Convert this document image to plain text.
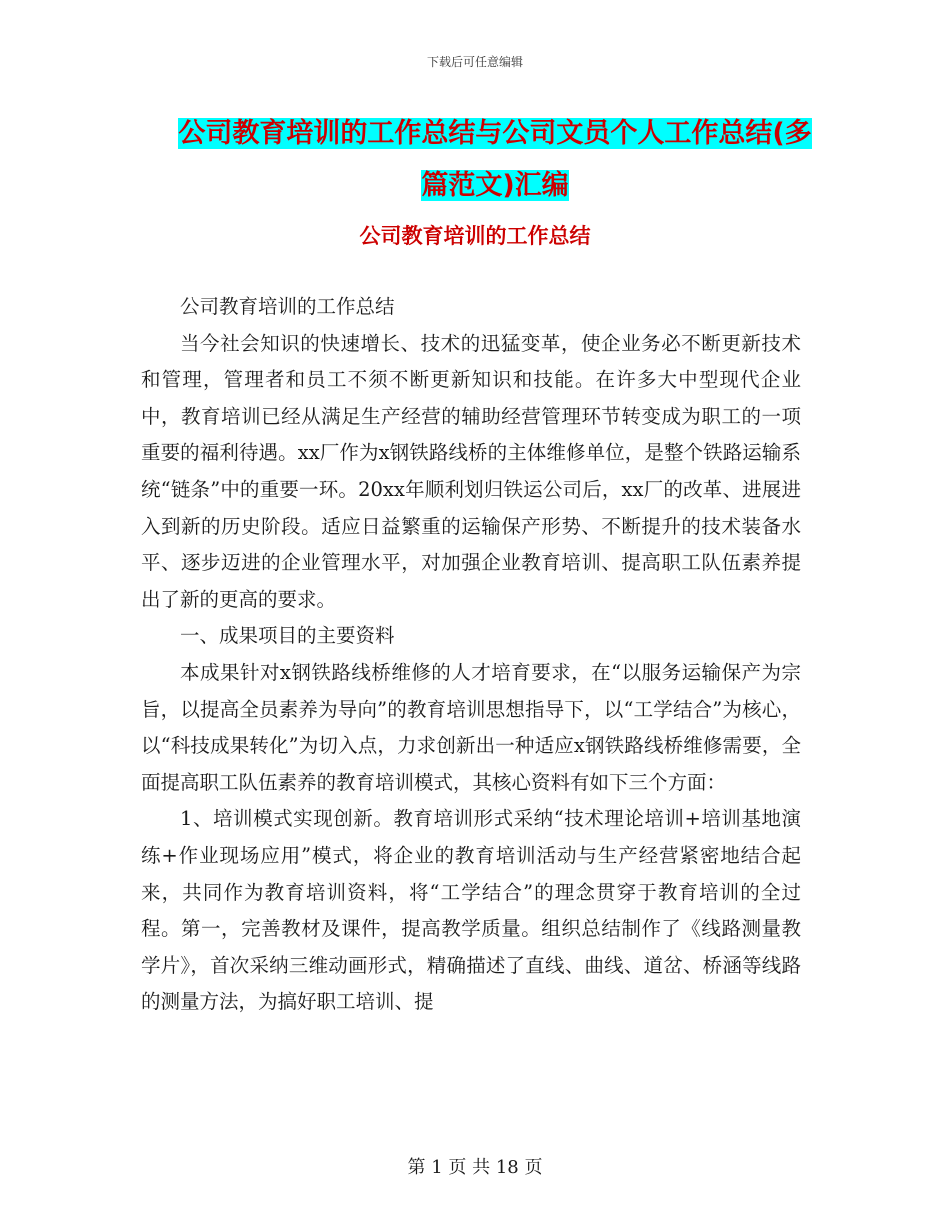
下载后可任意编辑
公司教育培训的工作总结与公司文员个人工作总结(多篇范文)汇编
公司教育培训的工作总结

公司教育培训的工作总结

当今社会知识的快速增长、技术的迅猛变革，使企业务必不断更新技术和管理，管理者和员工不须不断更新知识和技能。在许多大中型现代企业中，教育培训已经从满足生产经营的辅助经营管理环节转变成为职工的一项重要的福利待遇。xx厂作为x钢铁路线桥的主体维修单位，是整个铁路运输系统“链条”中的重要一环。20xx年顺利划归铁运公司后，xx厂的改革、进展进入到新的历史阶段。适应日益繁重的运输保产形势、不断提升的技术装备水平、逐步迈进的企业管理水平，对加强企业教育培训、提高职工队伍素养提出了新的更高的要求。

一、成果项目的主要资料

本成果针对x钢铁路线桥维修的人才培育要求，在“以服务运输保产为宗旨，以提高全员素养为导向”的教育培训思想指导下，以“工学结合”为核心，以“科技成果转化”为切入点，力求创新出一种适应x钢铁路线桥维修需要，全面提高职工队伍素养的教育培训模式，其核心资料有如下三个方面：

1、培训模式实现创新。教育培训形式采纳“技术理论培训+培训基地演练+作业现场应用”模式，将企业的教育培训活动与生产经营紧密地结合起来，共同作为教育培训资料，将“工学结合”的理念贯穿于教育培训的全过程。第一，完善教材及课件，提高教学质量。组织总结制作了《线路测量教学片》，首次采纳三维动画形式，精确描述了直线、曲线、道岔、桥涵等线路的测量方法，为搞好职工培训、提

第 1 页 共 18 页
